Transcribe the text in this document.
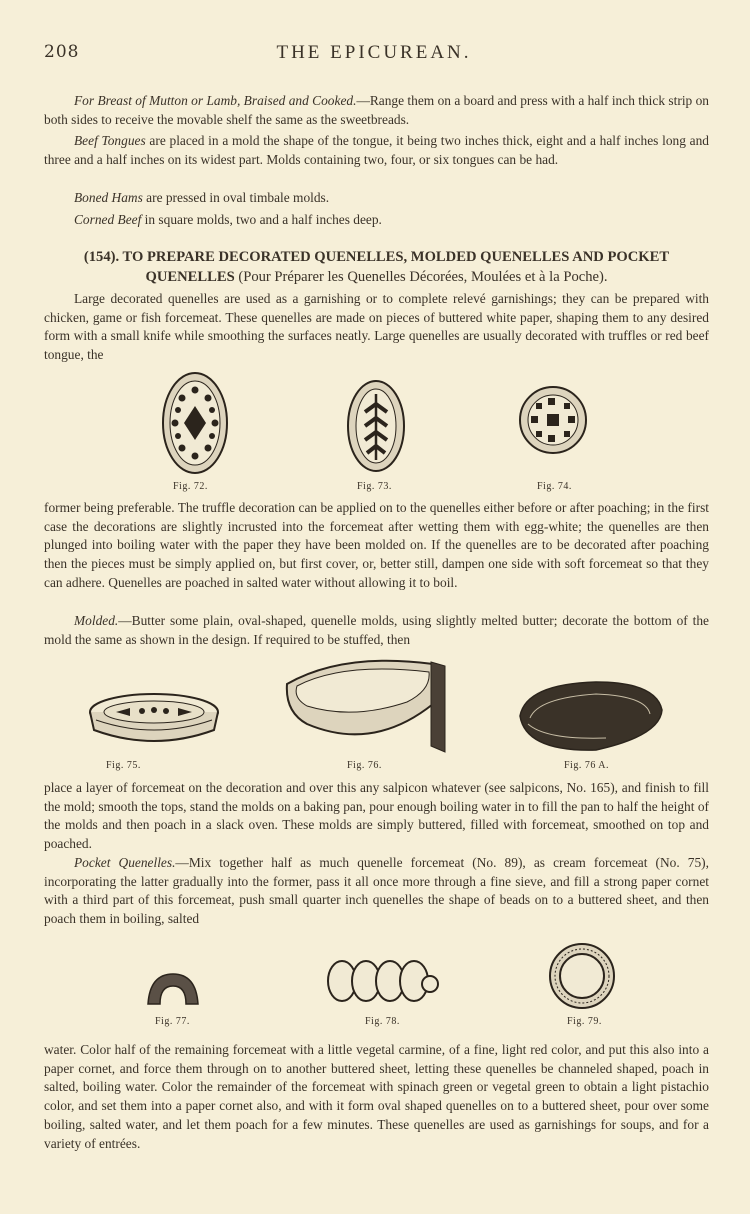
208	THE EPICUREAN.

For Breast of Mutton or Lamb, Braised and Cooked.—Range them on a board and press with a half inch thick strip on both sides to receive the movable shelf the same as the sweetbreads.

Beef Tongues are placed in a mold the shape of the tongue, it being two inches thick, eight and a half inches long and three and a half inches on its widest part. Molds containing two, four, or six tongues can be had.

Boned Hams are pressed in oval timbale molds.

Corned Beef in square molds, two and a half inches deep.

(154). TO PREPARE DECORATED QUENELLES, MOLDED QUENELLES AND POCKET QUENELLES (Pour Préparer les Quenelles Décorées, Moulées et à la Poche).

Large decorated quenelles are used as a garnishing or to complete relevé garnishings; they can be prepared with chicken, game or fish forcemeat. These quenelles are made on pieces of buttered white paper, shaping them to any desired form with a small knife while smoothing the surfaces neatly. Large quenelles are usually decorated with truffles or red beef tongue, the

Fig. 72.	Fig. 73.	Fig. 74.

former being preferable. The truffle decoration can be applied on to the quenelles either before or after poaching; in the first case the decorations are slightly incrusted into the forcemeat after wetting them with egg-white; the quenelles are then plunged into boiling water with the paper they have been molded on. If the quenelles are to be decorated after poaching then the pieces must be simply applied on, but first cover, or, better still, dampen one side with soft forcemeat so that they can adhere. Quenelles are poached in salted water without allowing it to boil.

Molded.—Butter some plain, oval-shaped, quenelle molds, using slightly melted butter; decorate the bottom of the mold the same as shown in the design. If required to be stuffed, then

Fig. 75.	Fig. 76.	Fig. 76 A.

place a layer of forcemeat on the decoration and over this any salpicon whatever (see salpicons, No. 165), and finish to fill the mold; smooth the tops, stand the molds on a baking pan, pour enough boiling water in to fill the pan to half the height of the molds and then poach in a slack oven. These molds are simply buttered, filled with forcemeat, smoothed on top and poached.

Pocket Quenelles.—Mix together half as much quenelle forcemeat (No. 89), as cream forcemeat (No. 75), incorporating the latter gradually into the former, pass it all once more through a fine sieve, and fill a strong paper cornet with a third part of this forcemeat, push small quarter inch quenelles the shape of beads on to a buttered sheet, and then poach them in boiling, salted

Fig. 77.	Fig. 78.	Fig. 79.

water. Color half of the remaining forcemeat with a little vegetal carmine, of a fine, light red color, and put this also into a paper cornet, and force them through on to another buttered sheet, letting these quenelles be channeled shaped, poach in salted, boiling water. Color the remainder of the forcemeat with spinach green or vegetal green to obtain a light pistachio color, and set them into a paper cornet also, and with it form oval shaped quenelles on to a buttered sheet, pour over some boiling, salted water, and let them poach for a few minutes. These quenelles are used as garnishings for soups, and for a variety of entrées.
